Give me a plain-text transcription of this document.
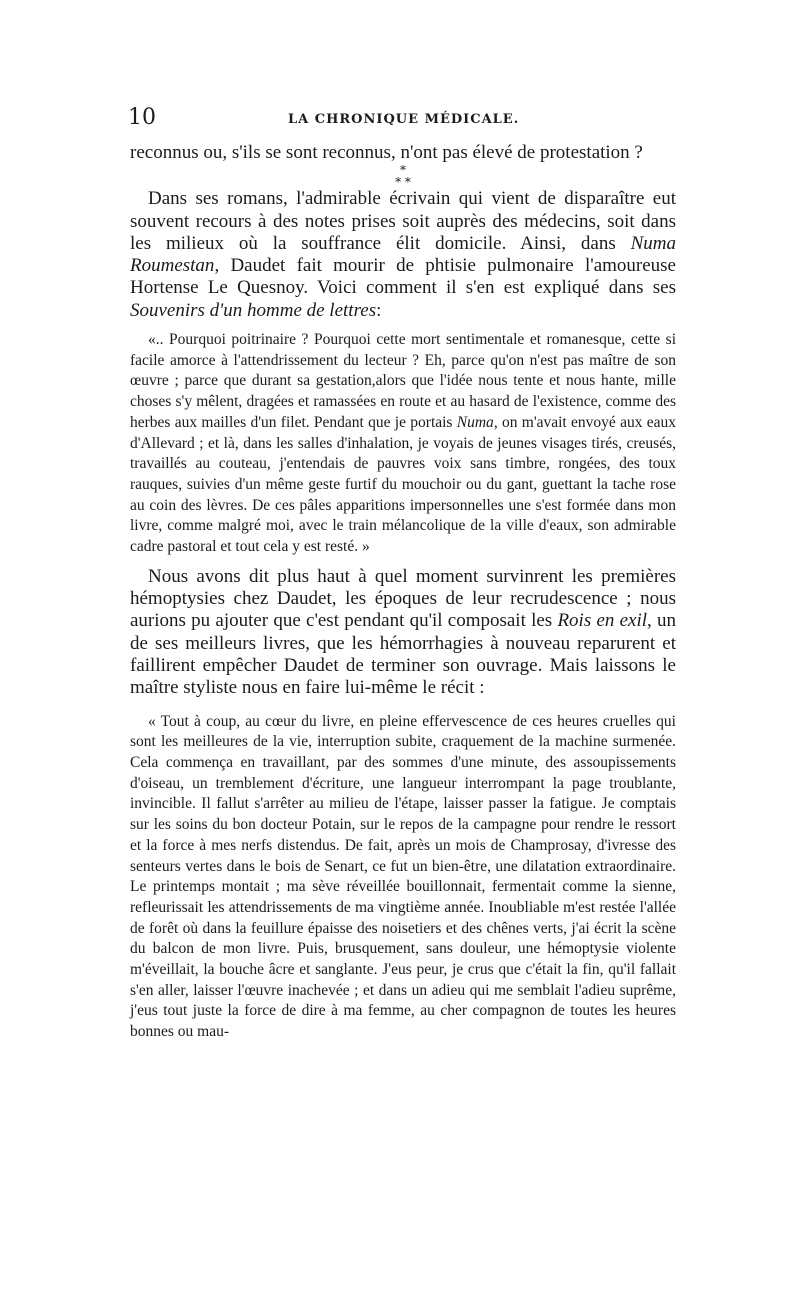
10	LA CHRONIQUE MÉDICALE.

reconnus ou, s'ils se sont reconnus, n'ont pas élevé de protestation ?

*
* *

Dans ses romans, l'admirable écrivain qui vient de disparaître eut souvent recours à des notes prises soit auprès des médecins, soit dans les milieux où la souffrance élit domicile. Ainsi, dans Numa Roumestan, Daudet fait mourir de phtisie pulmonaire l'amoureuse Hortense Le Quesnoy. Voici comment il s'en est expliqué dans ses Souvenirs d'un homme de lettres:

«.. Pourquoi poitrinaire ? Pourquoi cette mort sentimentale et romanesque, cette si facile amorce à l'attendrissement du lecteur ? Eh, parce qu'on n'est pas maître de son œuvre ; parce que durant sa gestation,alors que l'idée nous tente et nous hante, mille choses s'y mêlent, dragées et ramassées en route et au hasard de l'existence, comme des herbes aux mailles d'un filet. Pendant que je portais Numa, on m'avait envoyé aux eaux d'Allevard ; et là, dans les salles d'inhalation, je voyais de jeunes visages tirés, creusés, travaillés au couteau, j'entendais de pauvres voix sans timbre, rongées, des toux rauques, suivies d'un même geste furtif du mouchoir ou du gant, guettant la tache rose au coin des lèvres. De ces pâles apparitions impersonnelles une s'est formée dans mon livre, comme malgré moi, avec le train mélancolique de la ville d'eaux, son admirable cadre pastoral et tout cela y est resté. »

Nous avons dit plus haut à quel moment survinrent les premières hémoptysies chez Daudet, les époques de leur recrudescence ; nous aurions pu ajouter que c'est pendant qu'il composait les Rois en exil, un de ses meilleurs livres, que les hémorrhagies à nouveau reparurent et faillirent empêcher Daudet de terminer son ouvrage. Mais laissons le maître styliste nous en faire lui-même le récit :

« Tout à coup, au cœur du livre, en pleine effervescence de ces heures cruelles qui sont les meilleures de la vie, interruption subite, craquement de la machine surmenée. Cela commença en travaillant, par des sommes d'une minute, des assoupissements d'oiseau, un tremblement d'écriture, une langueur interrompant la page troublante, invincible. Il fallut s'arrêter au milieu de l'étape, laisser passer la fatigue. Je comptais sur les soins du bon docteur Potain, sur le repos de la campagne pour rendre le ressort et la force à mes nerfs distendus. De fait, après un mois de Champrosay, d'ivresse des senteurs vertes dans le bois de Senart, ce fut un bien-être, une dilatation extraordinaire. Le printemps montait ; ma sève réveillée bouillonnait, fermentait comme la sienne, refleurissait les attendrissements de ma vingtième année. Inoubliable m'est restée l'allée de forêt où dans la feuillure épaisse des noisetiers et des chênes verts, j'ai écrit la scène du balcon de mon livre. Puis, brusquement, sans douleur, une hémoptysie violente m'éveillait, la bouche âcre et sanglante. J'eus peur, je crus que c'était la fin, qu'il fallait s'en aller, laisser l'œuvre inachevée ; et dans un adieu qui me semblait l'adieu suprême, j'eus tout juste la force de dire à ma femme, au cher compagnon de toutes les heures bonnes ou mau-
